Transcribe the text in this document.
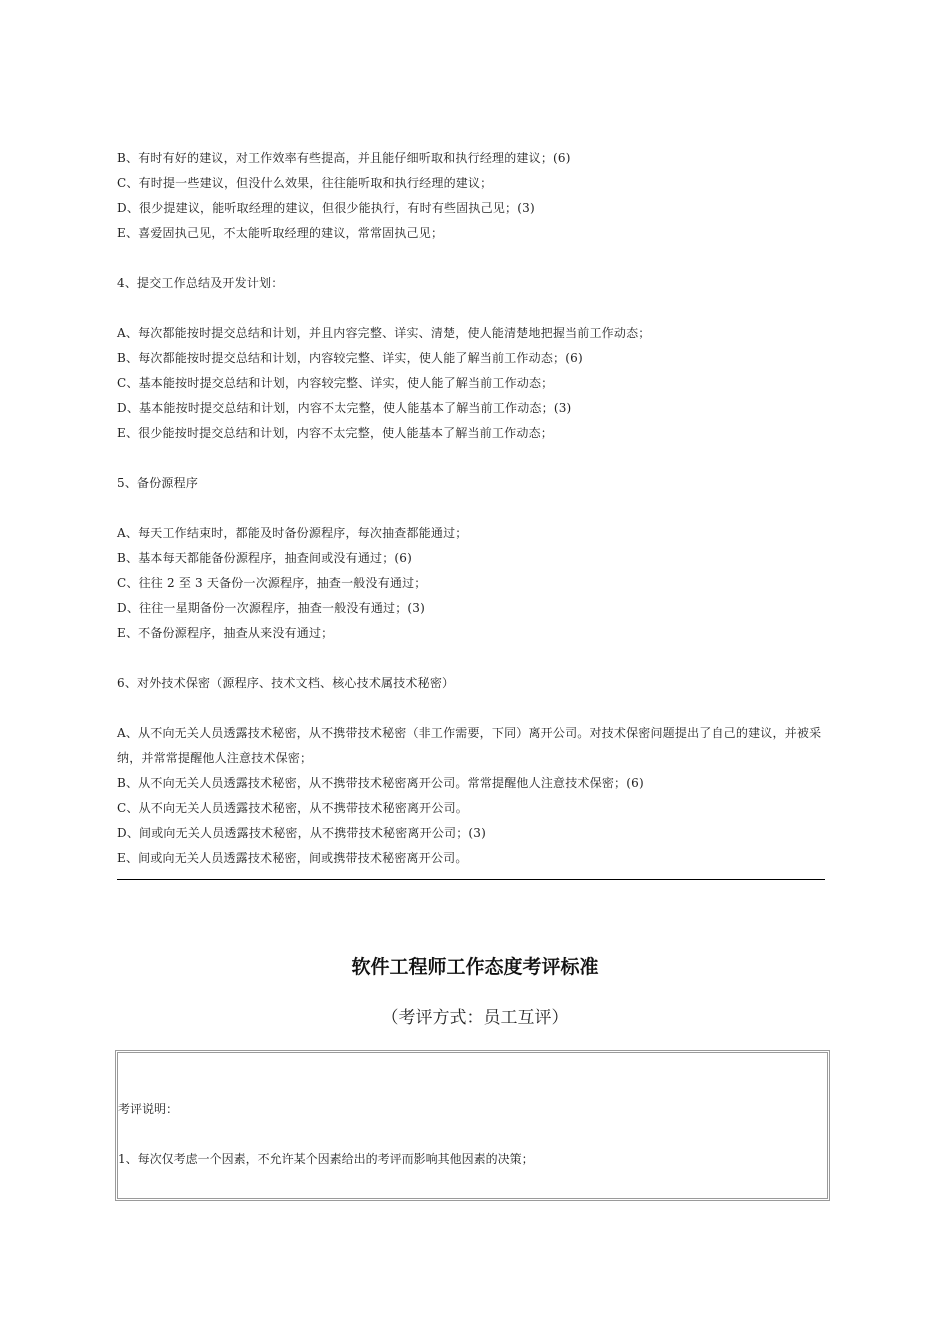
B、有时有好的建议，对工作效率有些提高，并且能仔细听取和执行经理的建议；(6)
C、有时提一些建议，但没什么效果，往往能听取和执行经理的建议；
D、很少提建议，能听取经理的建议，但很少能执行，有时有些固执己见；(3)
E、喜爱固执己见，不太能听取经理的建议，常常固执己见；
4、提交工作总结及开发计划：
A、每次都能按时提交总结和计划，并且内容完整、详实、清楚，使人能清楚地把握当前工作动态；
B、每次都能按时提交总结和计划，内容较完整、详实，使人能了解当前工作动态；(6)
C、基本能按时提交总结和计划，内容较完整、详实，使人能了解当前工作动态；
D、基本能按时提交总结和计划，内容不太完整，使人能基本了解当前工作动态；(3)
E、很少能按时提交总结和计划，内容不太完整，使人能基本了解当前工作动态；
5、备份源程序
A、每天工作结束时，都能及时备份源程序，每次抽查都能通过；
B、基本每天都能备份源程序，抽查间或没有通过；(6)
C、往往 2 至 3 天备份一次源程序，抽查一般没有通过；
D、往往一星期备份一次源程序，抽查一般没有通过；(3)
E、不备份源程序，抽查从来没有通过；
6、对外技术保密（源程序、技术文档、核心技术属技术秘密）
A、从不向无关人员透露技术秘密，从不携带技术秘密（非工作需要，下同）离开公司。对技术保密问题提出了自己的建议，并被采纳，并常常提醒他人注意技术保密；
B、从不向无关人员透露技术秘密，从不携带技术秘密离开公司。常常提醒他人注意技术保密；(6)
C、从不向无关人员透露技术秘密，从不携带技术秘密离开公司。
D、间或向无关人员透露技术秘密，从不携带技术秘密离开公司；(3)
E、间或向无关人员透露技术秘密，间或携带技术秘密离开公司。
软件工程师工作态度考评标准
（考评方式：员工互评）
考评说明：
1、每次仅考虑一个因素，不允许某个因素给出的考评而影响其他因素的决策；
